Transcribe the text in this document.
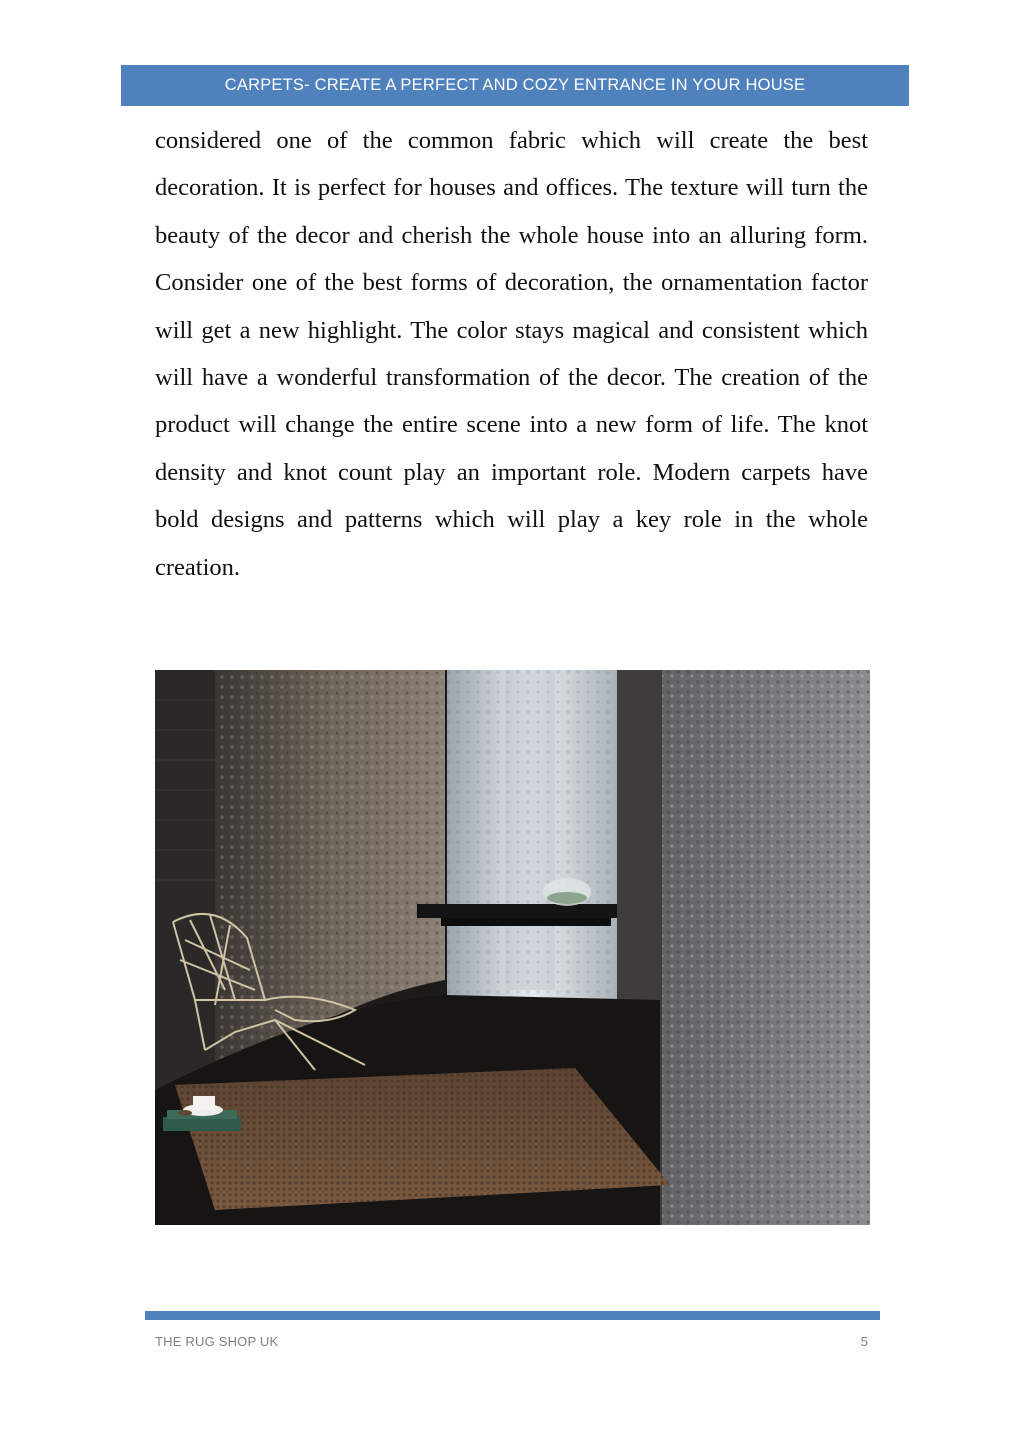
CARPETS- CREATE A PERFECT AND COZY ENTRANCE IN YOUR HOUSE

considered one of the common fabric which will create the best decoration. It is perfect for houses and offices. The texture will turn the beauty of the decor and cherish the whole house into an alluring form. Consider one of the best forms of decoration, the ornamentation factor will get a new highlight. The color stays magical and consistent which will have a wonderful transformation of the decor. The creation of the product will change the entire scene into a new form of life. The knot density and knot count play an important role. Modern carpets have bold designs and patterns which will play a key role in the whole creation.

THE RUG SHOP UK	5
